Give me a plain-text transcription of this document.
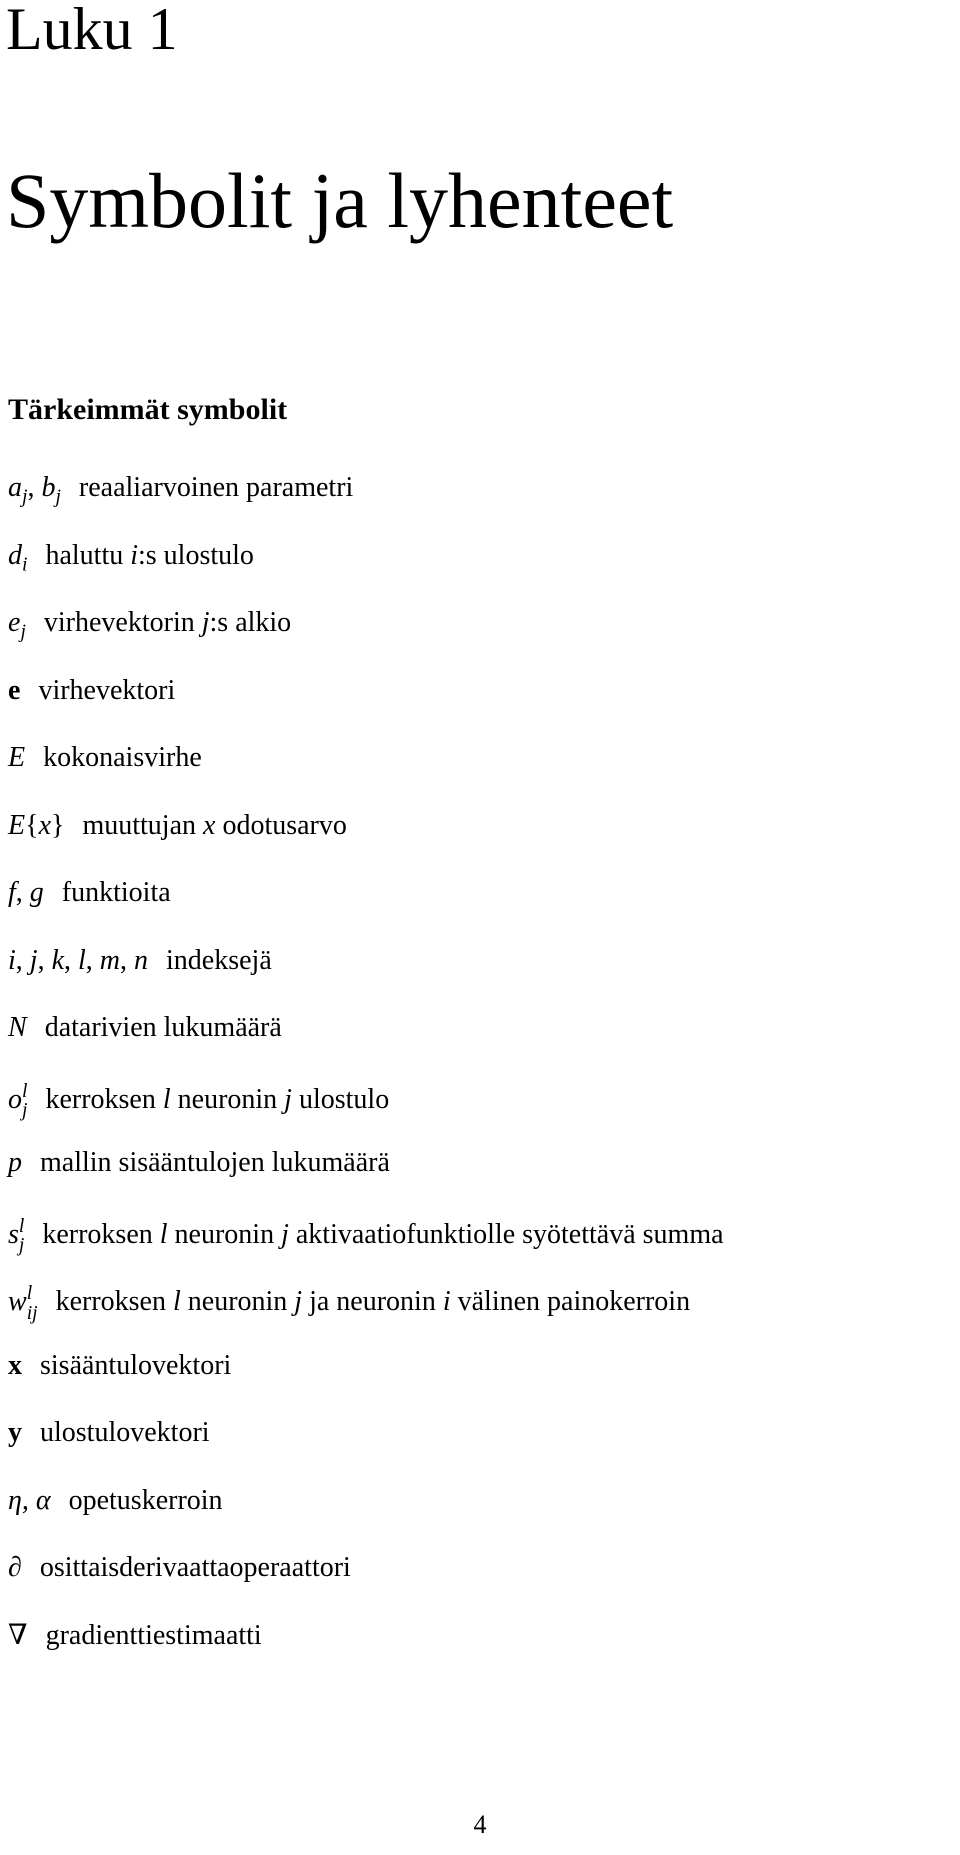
Luku 1
Symbolit ja lyhenteet
Tärkeimmät symbolit
$a_j$, $b_j$ reaaliarvoinen parametri
$d_i$ haluttu i:s ulostulo
$e_j$ virhevektorin j:s alkio
e virhevektori
E kokonaisvirhe
E{x} muuttujan x odotusarvo
f, g funktioita
i, j, k, l, m, n indeksejä
N datarivien lukumäärä
o l
j kerroksen l neuronin j ulostulo
p mallin sisääntulojen lukumäärä
s l
j kerroksen l neuronin j aktivaatiofunktiolle syötettävä summa
w l
ij kerroksen l neuronin j ja neuronin i välinen painokerroin
x sisääntulovektori
y ulostulovektori
η, α opetuskerroin
∂ osittaisderivaattaoperaattori
∇ gradienttiestimaatti
4
